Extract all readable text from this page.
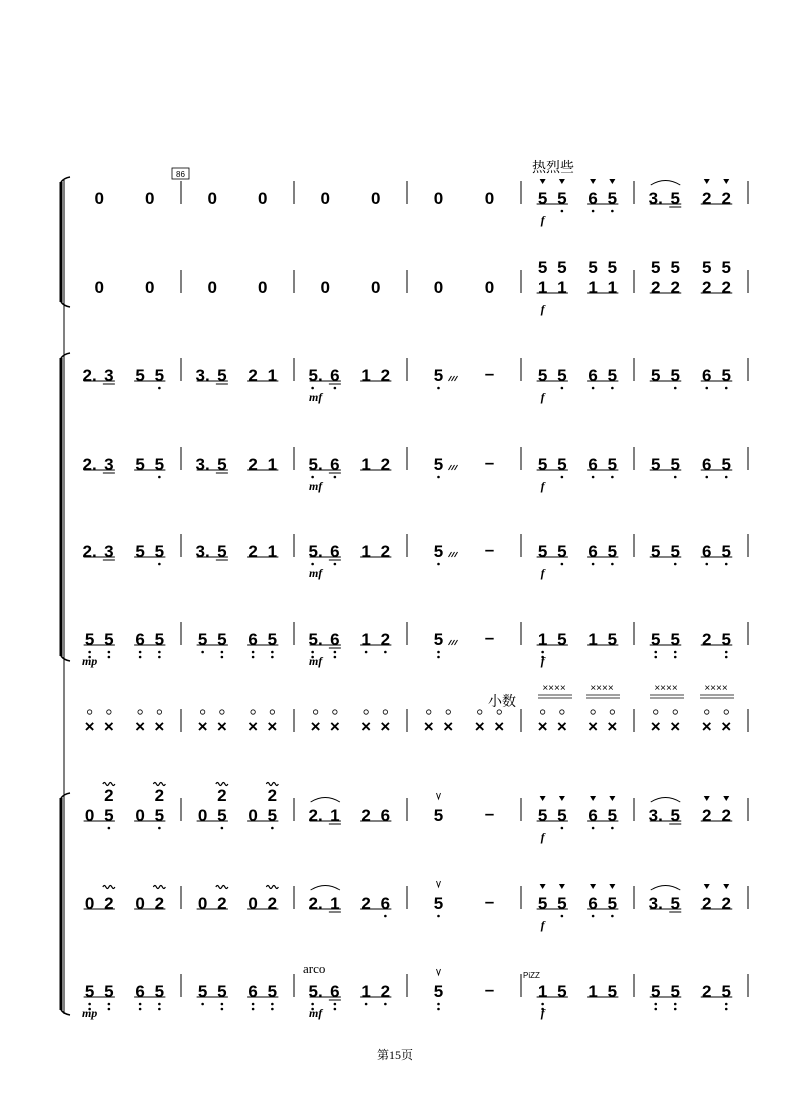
86	热烈些
小数
arco	PiZZ
0 0	0 0	0 0	0 0	5
f
5 6 5 3. 5 2 2
0 0	0 0	0 0	0 0	1
5
f
1
5
1
5
1
5
2
5
2
5
2
5
2
5
2. 3 5 5 3. 5 2 1 5.
mf
6 1 2	5 –	5
f
5 6 5 5 5 6 5
2. 3 5 5 3. 5 2 1 5.
mf
6 1 2	5 –	5
f
5 6 5 5 5 6 5
2. 3 5 5 3. 5 2 1 5.
mf
6 1 2	5 –	5
f
5 6 5 5 5 6 5
5
mp
5 6 5 5 5 6 5 5.
mf
6 1 2	5 –	1
f
5 1 5 5 5 2 5
× × × × × × × × × × × × × × × × × × × × × × × ×
0 5
2
0 5
2
0 5
2
0 5
2
2. 1 2 6	5 –	5
f
5 6 5 3. 5 2 2
0 2 0 2 0 2 0 2 2. 1 2 6	5 –	5
f
5 6 5 3. 5 2 2
5
mp
5 6 5 5 5 6 5 5.
mf
6 1 2	5 –	1
f
5 1 5 5 5 2 5
×××× ××××	××××	××××
第15页
